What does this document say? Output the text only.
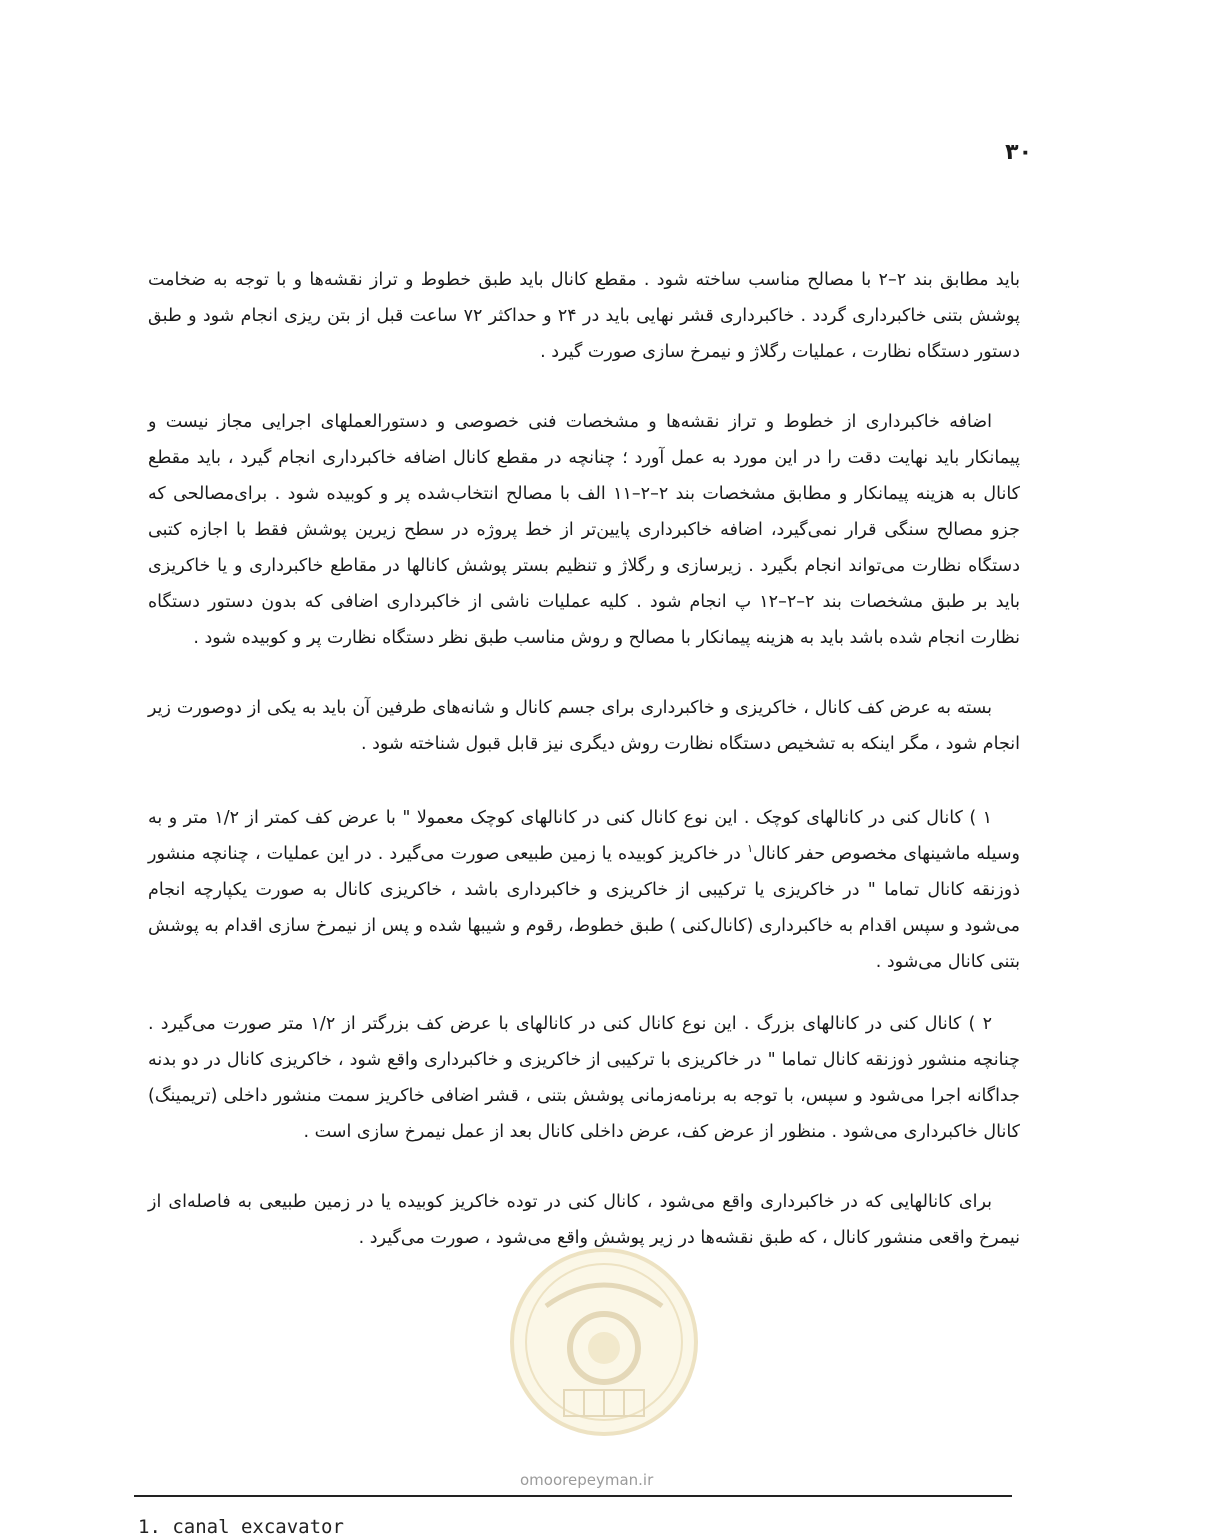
۳۰

باید مطابق بند ۲–۲ با مصالح مناسب ساخته شود . مقطع کانال باید طبق خطوط و تراز نقشه‌ها و با توجه به ضخامت پوشش بتنی خاکبرداری گردد . خاکبرداری قشر نهایی باید در ۲۴ و حداکثر ۷۲ ساعت قبل از بتن ریزی انجام شود و طبق دستور دستگاه نظارت ، عملیات رگلاژ و نیمرخ سازی صورت گیرد .

اضافه خاکبرداری از خطوط و تراز نقشه‌ها و مشخصات فنی خصوصی و دستورالعملهای اجرایی مجاز نیست و پیمانکار باید نهایت دقت را در این مورد به عمل آورد ؛ چنانچه در مقطع کانال اضافه خاکبرداری انجام گیرد ، باید مقطع کانال به هزینه پیمانکار و مطابق مشخصات بند ۲–۲–۱۱ الف با مصالح انتخاب‌شده پر و کوبیده شود . برای‌مصالحی که جزو مصالح سنگی قرار نمی‌گیرد، اضافه خاکبرداری پایین‌تر از خط پروژه در سطح زیرین پوشش فقط با اجازه کتبی دستگاه نظارت می‌تواند انجام بگیرد . زیرسازی و رگلاژ و تنظیم بستر پوشش کانالها در مقاطع خاکبرداری و یا خاکریزی باید بر طبق مشخصات بند ۲–۲–۱۲ پ انجام شود . کلیه عملیات ناشی از خاکبرداری اضافی که بدون دستور دستگاه نظارت انجام شده باشد باید به هزینه پیمانکار با مصالح و روش مناسب طبق نظر دستگاه نظارت پر و کوبیده شود .

بسته به عرض کف کانال ، خاکریزی و خاکبرداری برای جسم کانال و شانه‌های طرفین آن باید به یکی از دوصورت زیر انجام شود ، مگر اینکه به تشخیص دستگاه نظارت روش دیگری نیز قابل قبول شناخته شود .

۱ ) کانال کنی در کانالهای کوچک . این نوع کانال کنی در کانالهای کوچک معمولا " با عرض کف کمتر از ۱/۲ متر و به وسیله ماشینهای مخصوص حفر کانال$^۱$ در خاکریز کوبیده یا زمین طبیعی صورت می‌گیرد . در این عملیات ، چنانچه منشور ذوزنقه کانال تماما " در خاکریزی یا ترکیبی از خاکریزی و خاکبرداری باشد ، خاکریزی کانال به صورت یکپارچه انجام می‌شود و سپس اقدام به خاکبرداری (کانال‌کنی ) طبق خطوط، رقوم و شیبها شده و پس از نیمرخ سازی اقدام به پوشش بتنی کانال می‌شود .

۲ ) کانال کنی در کانالهای بزرگ . این نوع کانال کنی در کانالهای با عرض کف بزرگتر از ۱/۲ متر صورت می‌گیرد . چنانچه منشور ذوزنقه کانال تماما " در خاکریزی با ترکیبی از خاکریزی و خاکبرداری واقع شود ، خاکریزی کانال در دو بدنه جداگانه اجرا می‌شود و سپس، با توجه به برنامه‌زمانی پوشش بتنی ، قشر اضافی خاکریز سمت منشور داخلی (تریمینگ) کانال خاکبرداری می‌شود . منظور از عرض کف، عرض داخلی کانال بعد از عمل نیمرخ سازی است .

برای کانالهایی که در خاکبرداری واقع می‌شود ، کانال کنی در توده خاکریز کوبیده یا در زمین طبیعی به فاصله‌ای از نیمرخ واقعی منشور کانال ، که طبق نقشه‌ها در زیر پوشش واقع می‌شود ، صورت می‌گیرد .

omoorepeyman.ir
1. canal excavator
